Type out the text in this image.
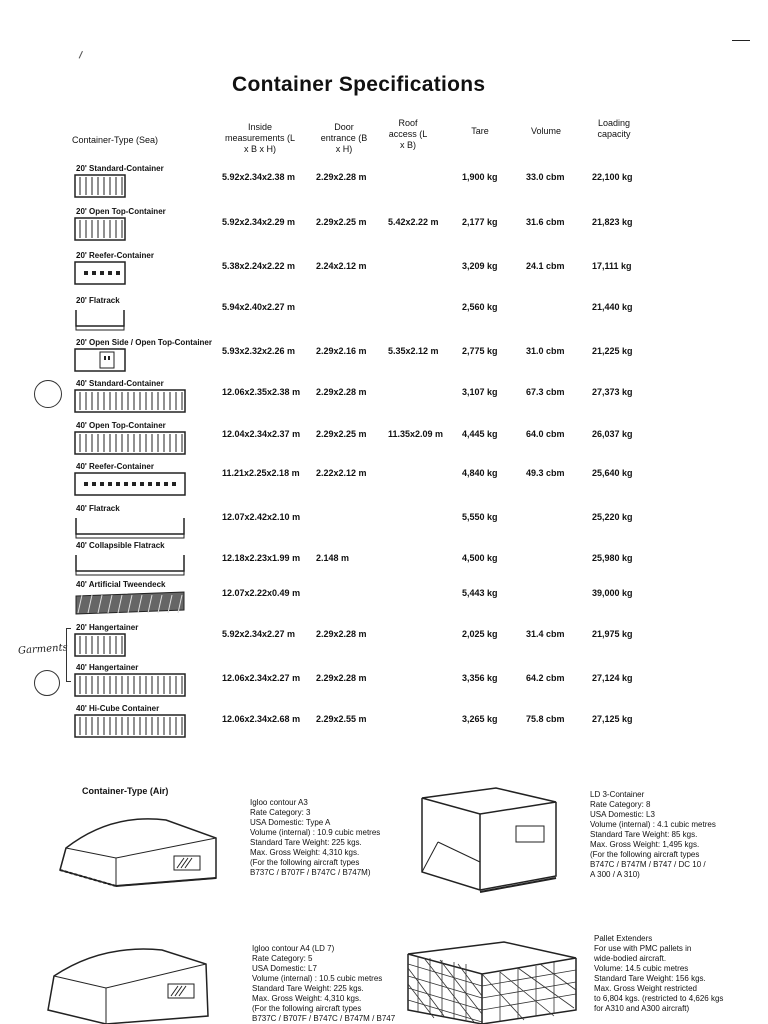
Container Specifications
Container-Type (Sea)
Inside measurements (L x B x H)
Door entrance (B x H)
Roof access (L x B)
Tare	Volume
Loading capacity
20' Standard-Container
5.92x2.34x2.38 m 2.29x2.28 m	1,900 kg	33.0 cbm	22,100 kg
20' Open Top-Container
5.92x2.34x2.29 m 2.29x2.25 m 5.42x2.22 m	2,177 kg	31.6 cbm	21,823 kg
20' Reefer-Container
5.38x2.24x2.22 m 2.24x2.12 m	3,209 kg	24.1 cbm	17,111 kg
20' Flatrack
5.94x2.40x2.27 m	2,560 kg	21,440 kg
20' Open Side / Open Top-Container
5.93x2.32x2.26 m 2.29x2.16 m 5.35x2.12 m	2,775 kg	31.0 cbm	21,225 kg
40' Standard-Container
12.06x2.35x2.38 m 2.29x2.28 m	3,107 kg	67.3 cbm	27,373 kg
40' Open Top-Container
12.04x2.34x2.37 m 2.29x2.25 m 11.35x2.09 m 4,445 kg	64.0 cbm	26,037 kg
40' Reefer-Container
11.21x2.25x2.18 m 2.22x2.12 m	4,840 kg	49.3 cbm	25,640 kg
40' Flatrack
12.07x2.42x2.10 m	5,550 kg	25,220 kg
40' Collapsible Flatrack
12.18x2.23x1.99 m 2.148 m	4,500 kg	25,980 kg
40' Artificial Tweendeck
12.07x2.22x0.49 m	5,443 kg	39,000 kg
20' Hangertainer
5.92x2.34x2.27 m 2.29x2.28 m	2,025 kg	31.4 cbm	21,975 kg
40' Hangertainer
12.06x2.34x2.27 m 2.29x2.28 m	3,356 kg	64.2 cbm	27,124 kg
40' Hi-Cube Container
12.06x2.34x2.68 m 2.29x2.55 m	3,265 kg	75.8 cbm	27,125 kg
Garments
Container-Type (Air)
Igloo contour A3
Rate Category: 3
USA Domestic: Type A
Volume (internal) : 10.9 cubic metres
Standard Tare Weight: 225 kgs.
Max. Gross Weight: 4,310 kgs.
(For the following aircraft types
B737C / B707F / B747C / B747M)
LD 3-Container
Rate Category: 8
USA Domestic: L3
Volume (internal) : 4.1 cubic metres
Standard Tare Weight: 85 kgs.
Max. Gross Weight: 1,495 kgs.
(For the following aircraft types
B747C / B747M / B747 / DC 10 /
A 300 / A 310)
Igloo contour A4 (LD 7)
Rate Category: 5
USA Domestic: L7
Volume (internal) : 10.5 cubic metres
Standard Tare Weight: 225 kgs.
Max. Gross Weight: 4,310 kgs.
(For the following aircraft types
B737C / B707F / B747C / B747M / B747
Pallet Extenders
For use with PMC pallets in
wide-bodied aircraft.
Volume: 14.5 cubic metres
Standard Tare Weight: 156 kgs.
Max. Gross Weight restricted
to 6,804 kgs. (restricted to 4,626 kgs
for A310 and A300 aircraft)
